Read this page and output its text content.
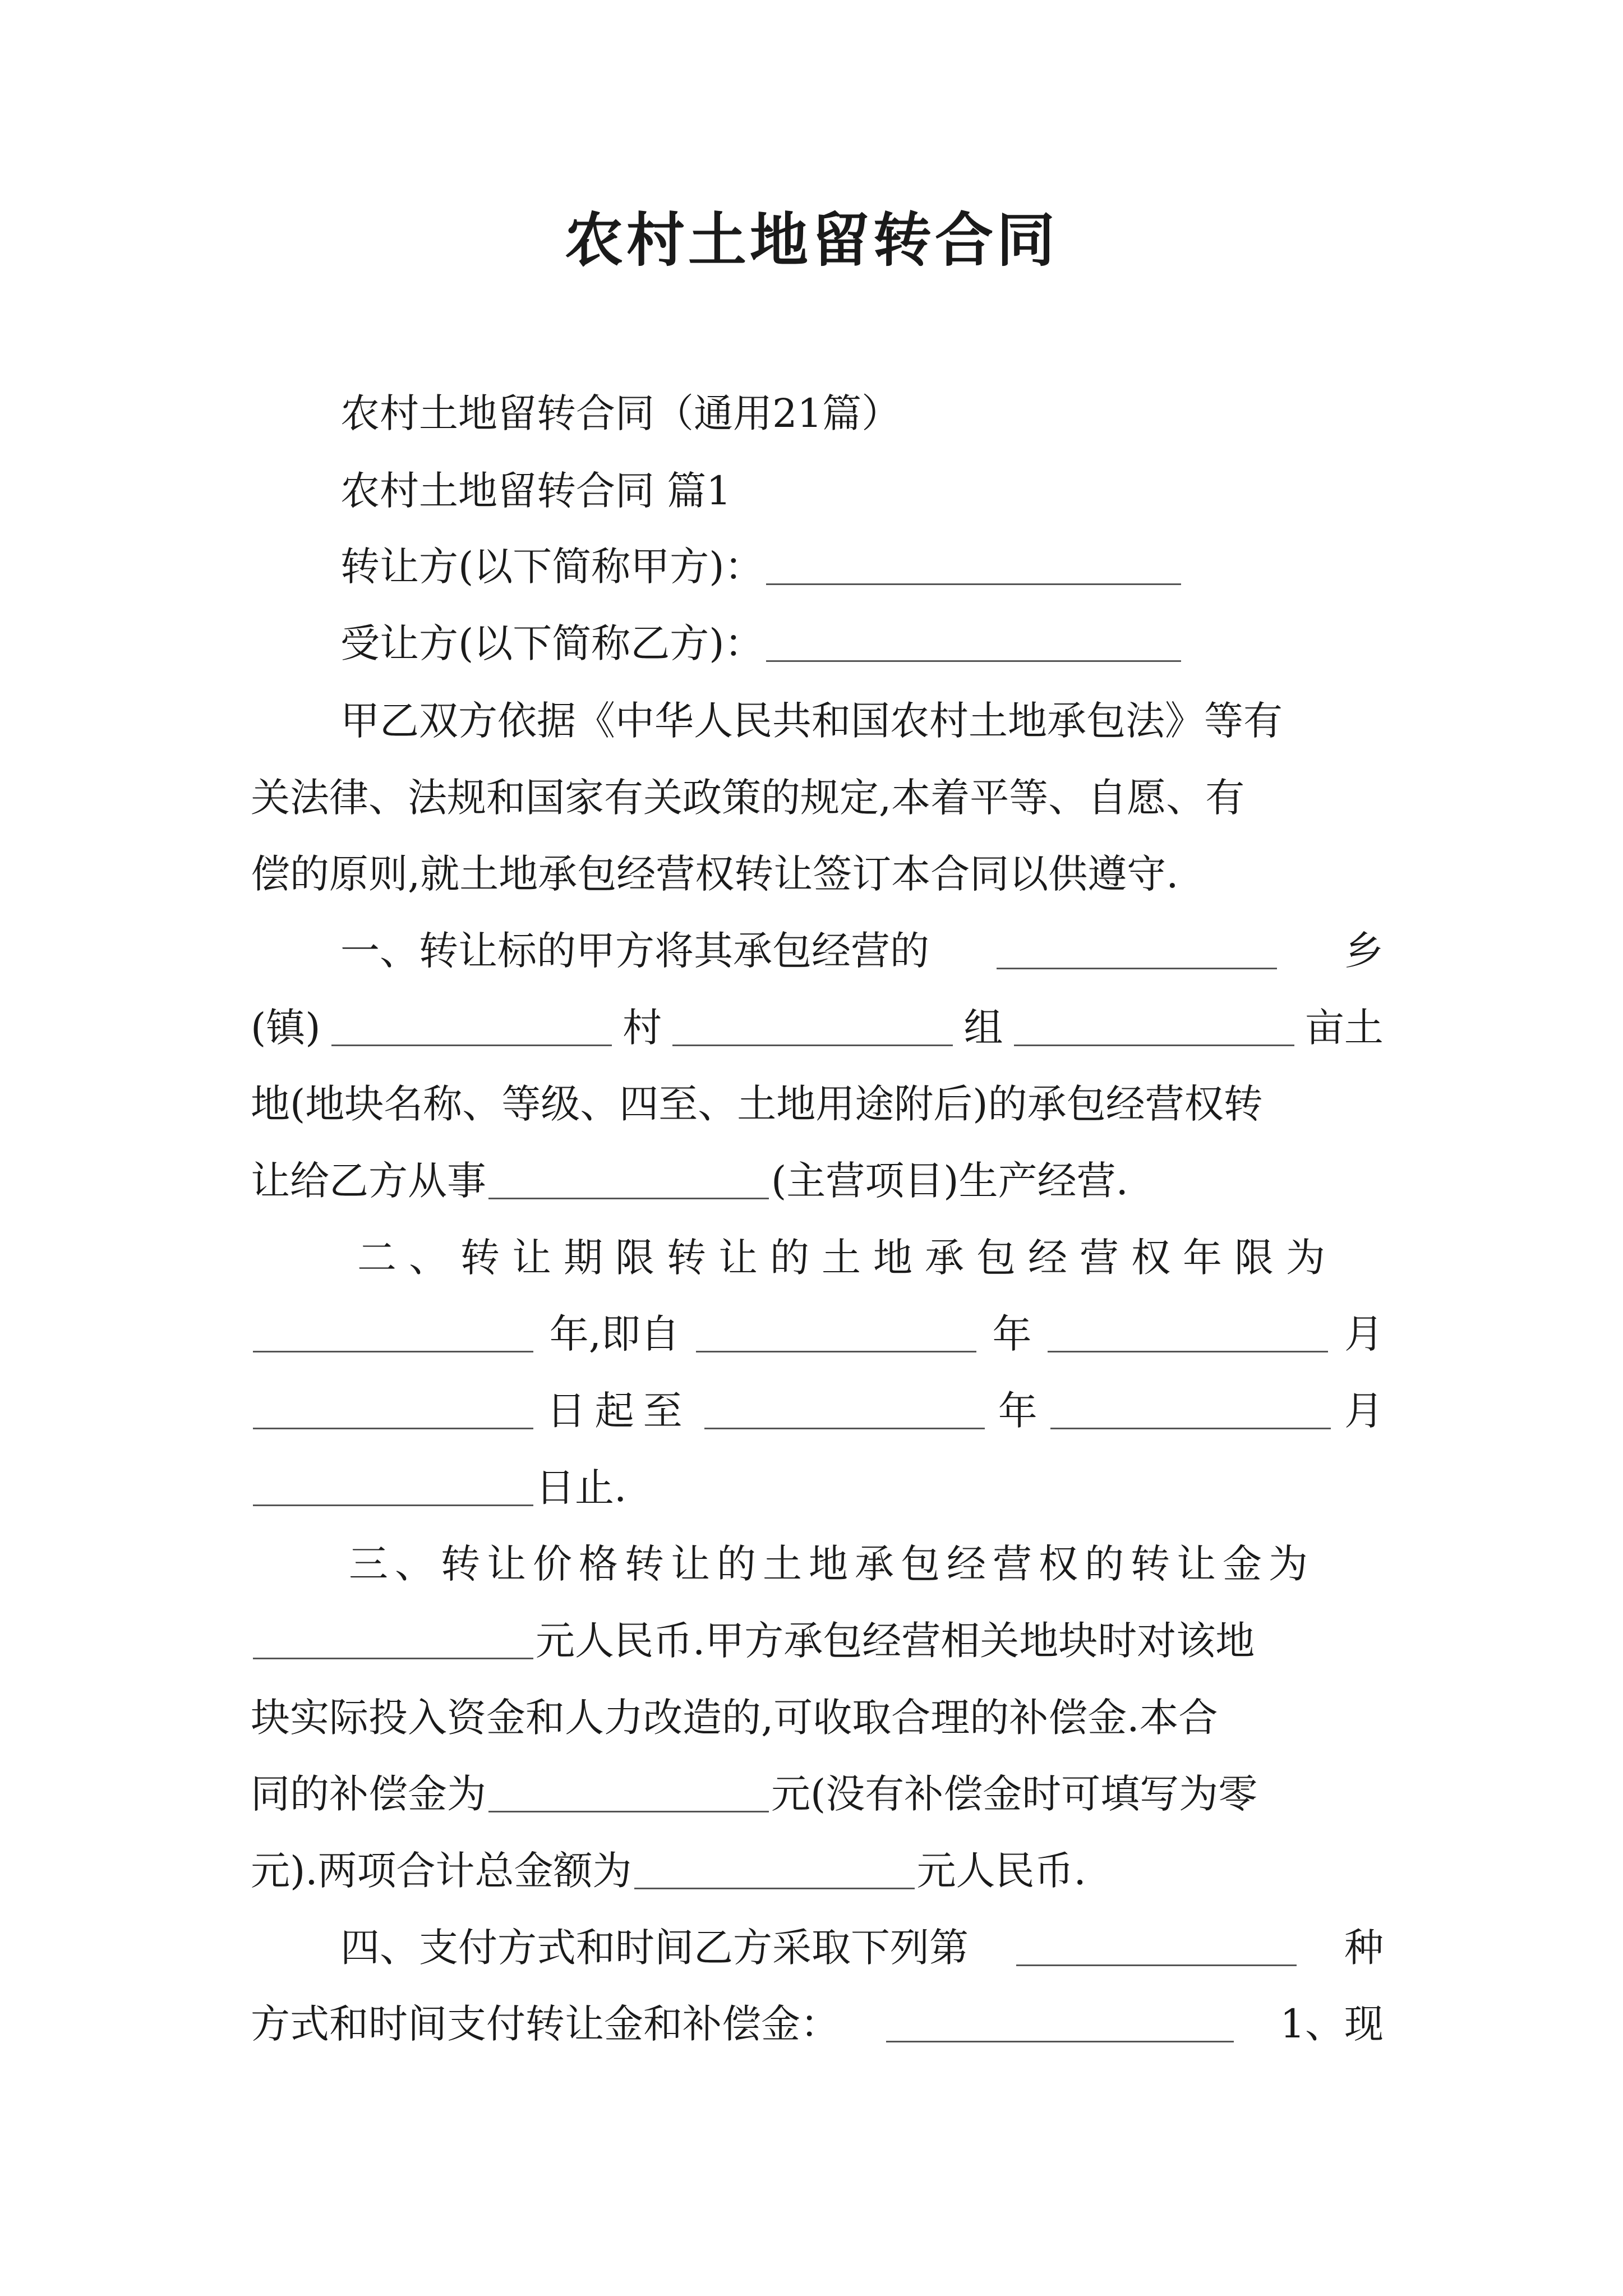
农村土地留转合同
农村土地留转合同（通用21篇）
农村土地留转合同 篇1
转让方(以下简称甲方)：
受让方(以下简称乙方)：
甲乙双方依据《中华人民共和国农村土地承包法》等有
关法律、法规和国家有关政策的规定,本着平等、自愿、有
偿的原则,就土地承包经营权转让签订本合同以供遵守.
一、转让标的甲方将其承包经营的	乡
(镇)	村	组	亩土
地(地块名称、等级、四至、土地用途附后)的承包经营权转
让给乙方从事	(主营项目)生产经营.
二、转让期限转让的土地承包经营权年限为
年,即自	年	月
日起至	年	月
日止.
三、转让价格转让的土地承包经营权的转让金为
元人民币.甲方承包经营相关地块时对该地
块实际投入资金和人力改造的,可收取合理的补偿金.本合
同的补偿金为	元(没有补偿金时可填写为零
元).两项合计总金额为	元人民币.
四、支付方式和时间乙方采取下列第	种
方式和时间支付转让金和补偿金：	1、现
